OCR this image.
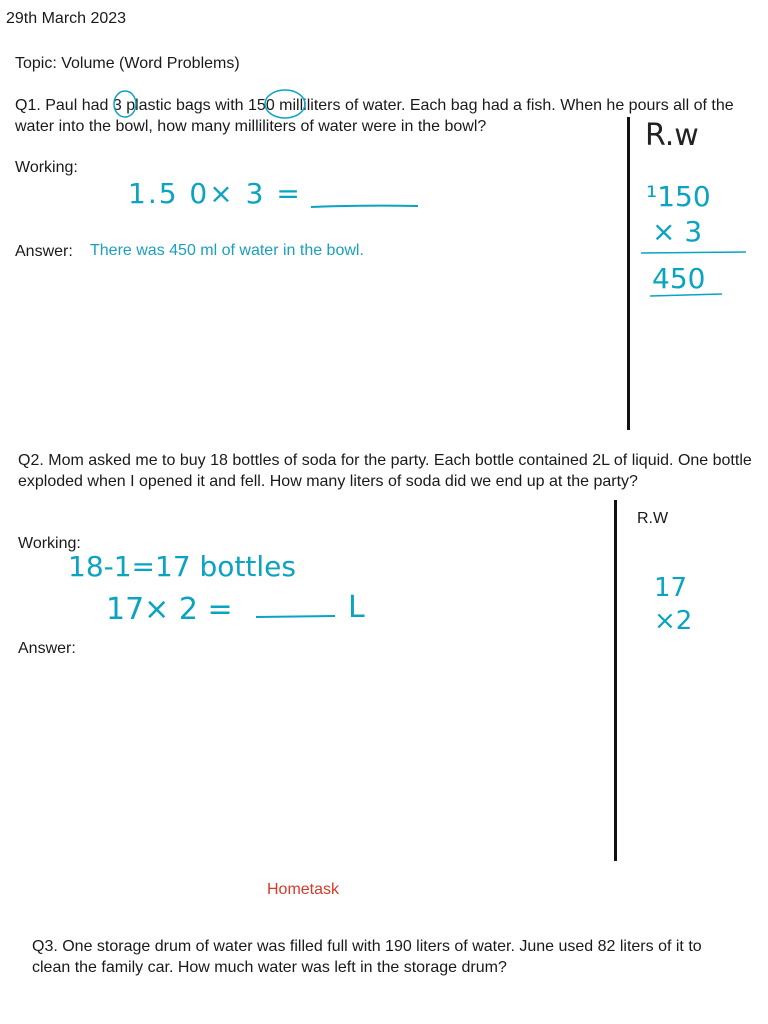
29th March 2023
Topic: Volume (Word Problems)
Q1. Paul had 3 plastic bags with 150 milliliters of water. Each bag had a fish. When he pours all of the water into the bowl, how many milliliters of water were in the bowl?
Working:
1.5 0× 3 =
Answer: There was 450 ml of water in the bowl.
R.w
¹150
× 3
450
Q2. Mom asked me to buy 18 bottles of soda for the party. Each bottle contained 2L of liquid. One bottle exploded when I opened it and fell. How many liters of soda did we end up at the party?
R.W
Working:
18-1=17 bottles
17× 2 =	L
Answer:
17
×2
Hometask
Q3. One storage drum of water was filled full with 190 liters of water. June used 82 liters of it to clean the family car. How much water was left in the storage drum?
